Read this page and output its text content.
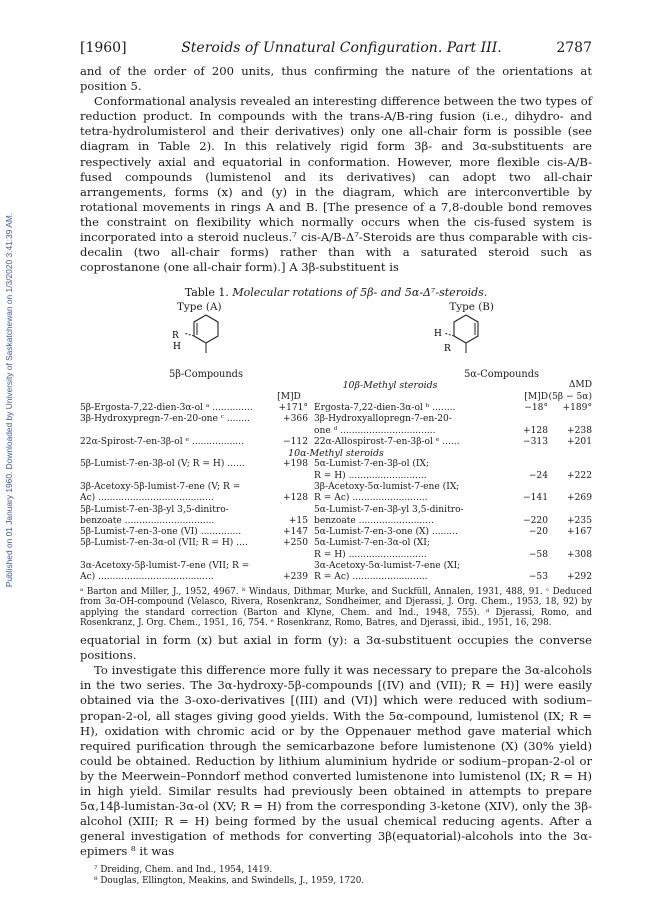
Published on 01 January 1960. Downloaded by University of Saskatchewan on 1/3/2020 3:41:39 AM.
[1960]	Steroids of Unnatural Configuration. Part III.	2787

and of the order of 200 units, thus confirming the nature of the orientations at position 5.

Conformational analysis revealed an interesting difference between the two types of reduction product. In compounds with the trans-A/B-ring fusion (i.e., dihydro- and tetra-hydrolumisterol and their derivatives) only one all-chair form is possible (see diagram in Table 2). In this relatively rigid form 3β- and 3α-substituents are respectively axial and equatorial in conformation. However, more flexible cis-A/B-fused compounds (lumistenol and its derivatives) can adopt two all-chair arrangements, forms (x) and (y) in the diagram, which are interconvertible by rotational movements in rings A and B. [The presence of a 7,8-double bond removes the constraint on flexibility which normally occurs when the cis-fused system is incorporated into a steroid nucleus.⁷ cis-A/B-Δ⁷-Steroids are thus comparable with cis-decalin (two all-chair forms) rather than with a saturated steroid such as coprostanone (one all-chair form).] A 3β-substituent is

Table 1. Molecular rotations of 5β- and 5α-Δ⁷-steroids.
Type (A)	Type (B)
R
H
H
R
5β-Compounds	5α-Compounds
	10β-Methyl steroids			ΔMD
	[M]D		[M]D	(5β − 5α)
5β-Ergosta-7,22-dien-3α-ol ᵃ ..............	+171°	Ergosta-7,22-dien-3α-ol ᵇ ........	−18°	+189°
3β-Hydroxypregn-7-en-20-one ᶜ ........	+366	3β-Hydroxyallopregn-7-en-20-		
		one ᵈ .................................	+128	+238
22α-Spirost-7-en-3β-ol ᵉ ..................	−112	22α-Allospirost-7-en-3β-ol ᵉ ......	−313	+201
10α-Methyl steroids				
5β-Lumist-7-en-3β-ol (V; R = H) ......	+198	5α-Lumist-7-en-3β-ol (IX;		
		R = H) ...........................	−24	+222
3β-Acetoxy-5β-lumist-7-ene (V; R =		3β-Acetoxy-5α-lumist-7-ene (IX;		
Ac) ........................................	+128	R = Ac) ..........................	−141	+269
5β-Lumist-7-en-3β-yl 3,5-dinitro-		5α-Lumist-7-en-3β-yl 3,5-dinitro-		
benzoate ...............................	+15	benzoate ..........................	−220	+235
5β-Lumist-7-en-3-one (VI) ..............	+147	5α-Lumist-7-en-3-one (X) .........	−20	+167
5β-Lumist-7-en-3α-ol (VII; R = H) ....	+250	5α-Lumist-7-en-3α-ol (XI;		
		R = H) ...........................	−58	+308
3α-Acetoxy-5β-lumist-7-ene (VII; R =		3α-Acetoxy-5α-lumist-7-ene (XI;		
Ac) ........................................	+239	R = Ac) ..........................	−53	+292
ᵃ Barton and Miller, J., 1952, 4967. ᵇ Windaus, Dithmar, Murke, and Suckfüll, Annalen, 1931, 488, 91. ᶜ Deduced from 3α-OH-compound (Velasco, Rivera, Rosenkranz, Sondheimer, and Djerassi, J. Org. Chem., 1953, 18, 92) by applying the standard correction (Barton and Klyne, Chem. and Ind., 1948, 755). ᵈ Djerassi, Romo, and Rosenkranz, J. Org. Chem., 1951, 16, 754. ᵉ Rosenkranz, Romo, Batres, and Djerassi, ibid., 1951, 16, 298.

equatorial in form (x) but axial in form (y): a 3α-substituent occupies the converse positions.

To investigate this difference more fully it was necessary to prepare the 3α-alcohols in the two series. The 3α-hydroxy-5β-compounds [(IV) and (VII); R = H)] were easily obtained via the 3-oxo-derivatives [(III) and (VI)] which were reduced with sodium–propan-2-ol, all stages giving good yields. With the 5α-compound, lumistenol (IX; R = H), oxidation with chromic acid or by the Oppenauer method gave material which required purification through the semicarbazone before lumistenone (X) (30% yield) could be obtained. Reduction by lithium aluminium hydride or sodium–propan-2-ol or by the Meerwein–Ponndorf method converted lumistenone into lumistenol (IX; R = H) in high yield. Similar results had previously been obtained in attempts to prepare 5α,14β-lumistan-3α-ol (XV; R = H) from the corresponding 3-ketone (XIV), only the 3β-alcohol (XIII; R = H) being formed by the usual chemical reducing agents. After a general investigation of methods for converting 3β(equatorial)-alcohols into the 3α-epimers ⁸ it was

⁷ Dreiding, Chem. and Ind., 1954, 1419.
⁸ Douglas, Ellington, Meakins, and Swindells, J., 1959, 1720.
